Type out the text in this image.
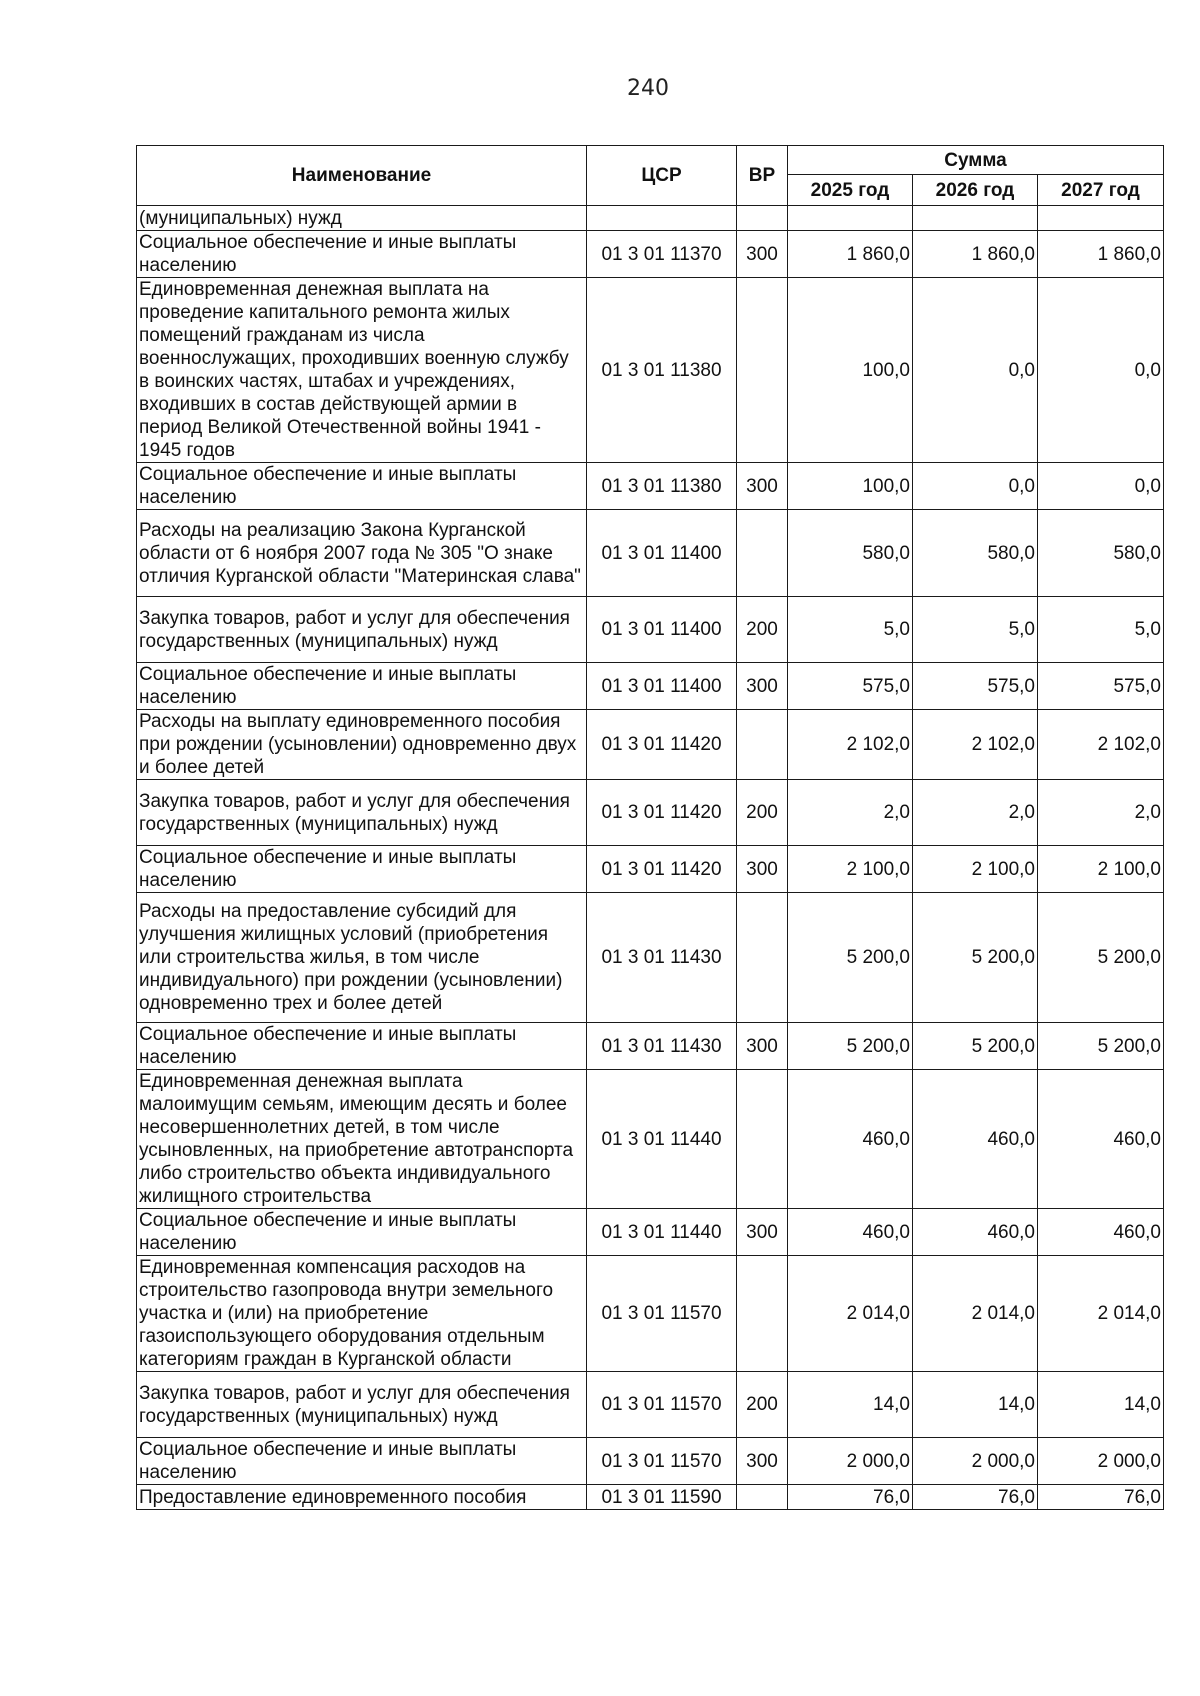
240
Наименование	ЦСР	ВР	Сумма		
			2025 год	2026 год	2027 год
(муниципальных) нужд					
Социальное обеспечение и иные выплаты населению	01 3 01 11370	300	1 860,0	1 860,0	1 860,0
Единовременная денежная выплата на проведение капитального ремонта жилых помещений гражданам из числа военнослужащих, проходивших военную службу в воинских частях, штабах и учреждениях, входивших в состав действующей армии в период Великой Отечественной войны 1941 - 1945 годов	01 3 01 11380		100,0	0,0	0,0
Социальное обеспечение и иные выплаты населению	01 3 01 11380	300	100,0	0,0	0,0
Расходы на реализацию Закона Курганской области от 6 ноября 2007 года № 305 "О знаке отличия Курганской области "Материнская слава"	01 3 01 11400		580,0	580,0	580,0
Закупка товаров, работ и услуг для обеспечения государственных (муниципальных) нужд	01 3 01 11400	200	5,0	5,0	5,0
Социальное обеспечение и иные выплаты населению	01 3 01 11400	300	575,0	575,0	575,0
Расходы на выплату единовременного пособия при рождении (усыновлении) одновременно двух и более детей	01 3 01 11420		2 102,0	2 102,0	2 102,0
Закупка товаров, работ и услуг для обеспечения государственных (муниципальных) нужд	01 3 01 11420	200	2,0	2,0	2,0
Социальное обеспечение и иные выплаты населению	01 3 01 11420	300	2 100,0	2 100,0	2 100,0
Расходы на предоставление субсидий для улучшения жилищных условий (приобретения или строительства жилья, в том числе индивидуального) при рождении (усыновлении) одновременно трех и более детей	01 3 01 11430		5 200,0	5 200,0	5 200,0
Социальное обеспечение и иные выплаты населению	01 3 01 11430	300	5 200,0	5 200,0	5 200,0
Единовременная денежная выплата малоимущим семьям, имеющим десять и более несовершеннолетних детей, в том числе усыновленных, на приобретение автотранспорта либо строительство объекта индивидуального жилищного строительства	01 3 01 11440		460,0	460,0	460,0
Социальное обеспечение и иные выплаты населению	01 3 01 11440	300	460,0	460,0	460,0
Единовременная компенсация расходов на строительство газопровода внутри земельного участка и (или) на приобретение газоиспользующего оборудования отдельным категориям граждан в Курганской области	01 3 01 11570		2 014,0	2 014,0	2 014,0
Закупка товаров, работ и услуг для обеспечения государственных (муниципальных) нужд	01 3 01 11570	200	14,0	14,0	14,0
Социальное обеспечение и иные выплаты населению	01 3 01 11570	300	2 000,0	2 000,0	2 000,0
Предоставление единовременного пособия	01 3 01 11590		76,0	76,0	76,0
